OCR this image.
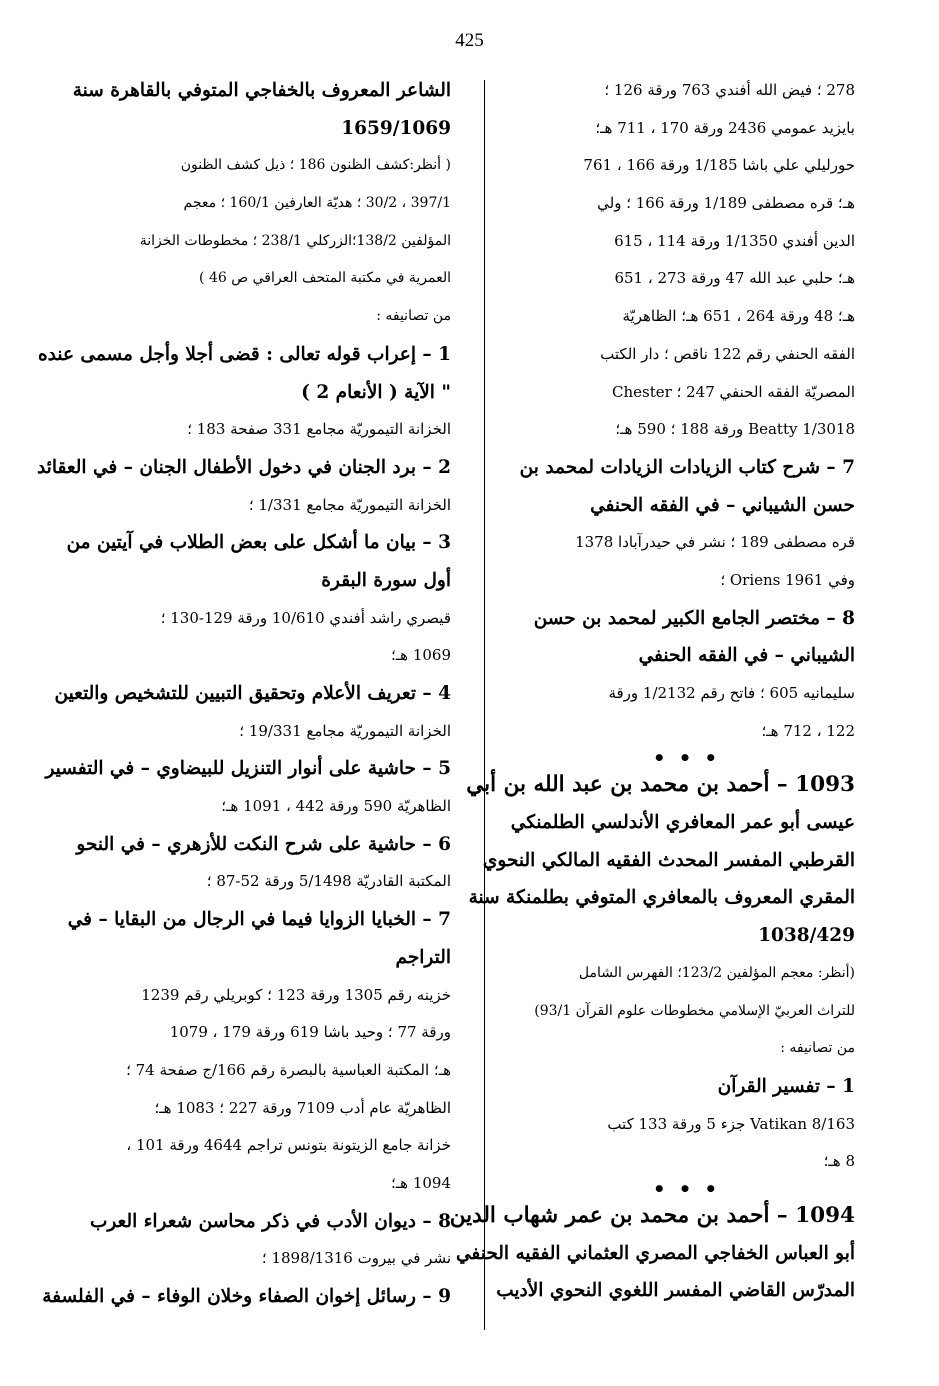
425
278 ؛ فيض الله أفندي 763 ورقة 126 ؛
بايزيد عمومي 2436 ورقة 170 ، 711 هـ؛
حورليلي علي باشا 1/185 ورقة 166 ، 761
هـ؛ قره مصطفى 1/189 ورقة 166 ؛ ولي
الدين أفندي 1/1350 ورقة 114 ، 615
هـ؛ حلبي عبد الله 47 ورقة 273 ، 651
هـ؛ 48 ورقة 264 ، 651 هـ؛ الظاهريّة
الفقه الحنفي رقم 122 ناقص ؛ دار الكتب
المصريّة الفقه الحنفي 247 ؛ Chester
Beatty 1/3018 ورقة 188 ؛ 590 هـ؛
7 – شرح كتاب الزيادات الزيادات لمحمد بن
حسن الشيباني – في الفقه الحنفي
قره مصطفى 189 ؛ نشر في حيدرآبادا 1378
وفي Oriens 1961 ؛
8 – مختصر الجامع الكبير لمحمد بن حسن
الشيباني – في الفقه الحنفي
سليمانيه 605 ؛ فاتح رقم 1/2132 ورقة
122 ، 712 هـ؛
• • •
1093 – أحمد بن محمد بن عبد الله بن أبي
عيسى أبو عمر المعافري الأندلسي الطلمنكي
القرطبي المفسر المحدث الفقيه المالكي النحوي
المقري المعروف بالمعافري المتوفي بطلمنكة سنة
1038/429
(أنظر: معجم المؤلفين 123/2؛ الفهرس الشامل
للتراث العربيّ الإسلامي مخطوطات علوم القرآن 93/1)
من تصانيفه :
1 – تفسير القرآن
Vatikan 8/163 جزء 5 ورقة 133 كتب
8 هـ؛
• • •
1094 – أحمد بن محمد بن عمر شهاب الدين
أبو العباس الخفاجي المصري العثماني الفقيه الحنفي
المدرّس القاضي المفسر اللغوي النحوي الأديب
الشاعر المعروف بالخفاجي المتوفي بالقاهرة سنة
1659/1069
( أنظر:كشف الظنون 186 ؛ ذيل كشف الظنون
397/1 ، 30/2 ؛ هديّة العارفين 160/1 ؛ معجم
المؤلفين 138/2؛الزركلي 238/1 ؛ مخطوطات الخزانة
العمرية في مكتبة المتحف العراقي ص 46 )
من تصانيفه :
1 – إعراب قوله تعالى : قضى أجلا وأجل مسمى عنده
" الآية ( الأنعام 2 )
الخزانة التيموريّة مجامع 331 صفحة 183 ؛
2 – برد الجنان في دخول الأطفال الجنان – في العقائد
الخزانة التيموريّة مجامع 1/331 ؛
3 – بيان ما أشكل على بعض الطلاب في آيتين من
أول سورة البقرة
قيصري راشد أفندي 10/610 ورقة 129-130 ؛
1069 هـ؛
4 – تعريف الأعلام وتحقيق التبيين للتشخيص والتعين
الخزانة التيموريّة مجامع 19/331 ؛
5 – حاشية على أنوار التنزيل للبيضاوي – في التفسير
الظاهريّة 590 ورقة 442 ، 1091 هـ؛
6 – حاشية على شرح النكت للأزهري – في النحو
المكتبة القادريّة 5/1498 ورقة 52-87 ؛
7 – الخبايا الزوايا فيما في الرجال من البقايا – في
التراجم
خزينه رقم 1305 ورقة 123 ؛ كوبريلي رقم 1239
ورقة 77 ؛ وحيد باشا 619 ورقة 179 ، 1079
هـ؛ المكتبة العباسية بالبصرة رقم 166/ج صفحة 74 ؛
الظاهريّة عام أدب 7109 ورقة 227 ؛ 1083 هـ؛
خزانة جامع الزيتونة بتونس تراجم 4644 ورقة 101 ،
1094 هـ؛
8 – ديوان الأدب في ذكر محاسن شعراء العرب
نشر في بيروت 1898/1316 ؛
9 – رسائل إخوان الصفاء وخلان الوفاء – في الفلسفة
